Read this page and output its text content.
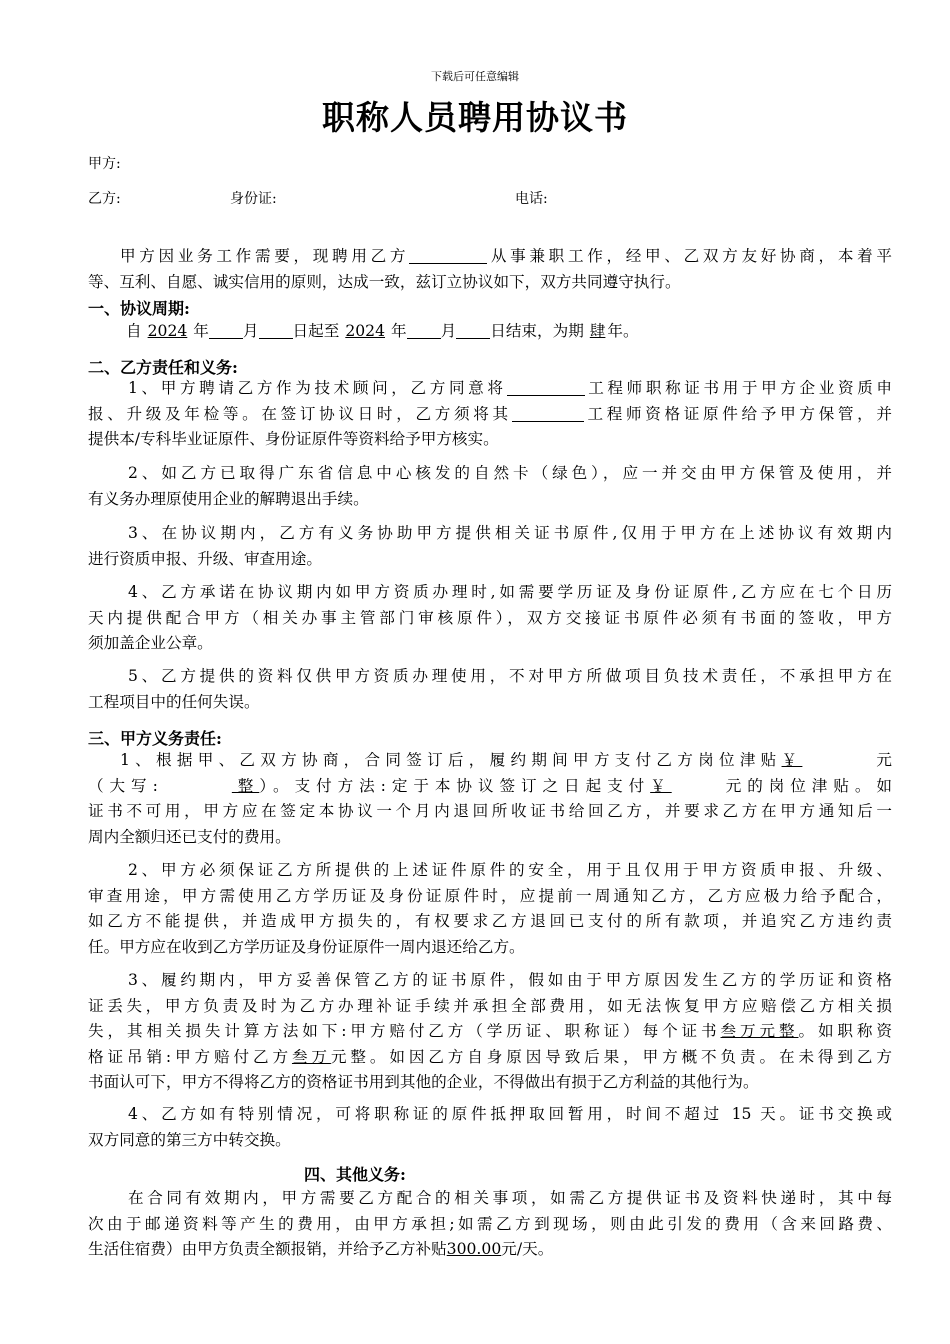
下载后可任意编辑
职称人员聘用协议书
甲方:
乙方:	身份证:	电话:
甲方因业务工作需要，现聘用乙方	从事兼职工作，经甲、乙双方友好协商，本着平
等、互利、自愿、诚实信用的原则，达成一致，兹订立协议如下，双方共同遵守执行。
一、协议周期:
自 2024 年 月 日起至 2024 年 月 日结束，为期 肆 年。
二、乙方责任和义务:
1、甲方聘请乙方作为技术顾问，乙方同意将	工程师职称证书用于甲方企业资质申
报、升级及年检等。在签订协议日时，乙方须将其	工程师资格证原件给予甲方保管，并
提供本/专科毕业证原件、身份证原件等资料给予甲方核实。
2、如乙方已取得广东省信息中心核发的自然卡（绿色），应一并交由甲方保管及使用，并
有义务办理原使用企业的解聘退出手续。
3、在协议期内，乙方有义务协助甲方提供相关证书原件,仅用于甲方在上述协议有效期内
进行资质申报、升级、审查用途。
4、乙方承诺在协议期内如甲方资质办理时,如需要学历证及身份证原件,乙方应在七个日历
天内提供配合甲方（相关办事主管部门审核原件），双方交接证书原件必须有书面的签收，甲方
须加盖企业公章。
5、乙方提供的资料仅供甲方资质办理使用，不对甲方所做项目负技术责任，不承担甲方在
工程项目中的任何失误。
三、甲方义务责任:
1、根据甲、乙双方协商，合同签订后，履约期间甲方支付乙方岗位津贴￥	元
（大写:	整）。支付方法:定于本协议签订之日起支付￥	元的岗位津贴。如
证书不可用，甲方应在签定本协议一个月内退回所收证书给回乙方，并要求乙方在甲方通知后一
周内全额归还已支付的费用。
2、甲方必须保证乙方所提供的上述证件原件的安全，用于且仅用于甲方资质申报、升级、
审查用途，甲方需使用乙方学历证及身份证原件时，应提前一周通知乙方，乙方应极力给予配合，
如乙方不能提供，并造成甲方损失的，有权要求乙方退回已支付的所有款项，并追究乙方违约责
任。甲方应在收到乙方学历证及身份证原件一周内退还给乙方。
3、履约期内，甲方妥善保管乙方的证书原件，假如由于甲方原因发生乙方的学历证和资格
证丢失，甲方负责及时为乙方办理补证手续并承担全部费用，如无法恢复甲方应赔偿乙方相关损
失，其相关损失计算方法如下:甲方赔付乙方（学历证、职称证）每个证书叁万元整。如职称资
格证吊销:甲方赔付乙方叁万元整。如因乙方自身原因导致后果，甲方概不负责。在未得到乙方
书面认可下，甲方不得将乙方的资格证书用到其他的企业，不得做出有损于乙方利益的其他行为。
4、乙方如有特别情况，可将职称证的原件抵押取回暂用，时间不超过 15 天。证书交换或
双方同意的第三方中转交换。
四、其他义务:
在合同有效期内，甲方需要乙方配合的相关事项，如需乙方提供证书及资料快递时，其中每
次由于邮递资料等产生的费用，由甲方承担;如需乙方到现场，则由此引发的费用（含来回路费、
生活住宿费）由甲方负责全额报销，并给予乙方补贴300.00元/天。
